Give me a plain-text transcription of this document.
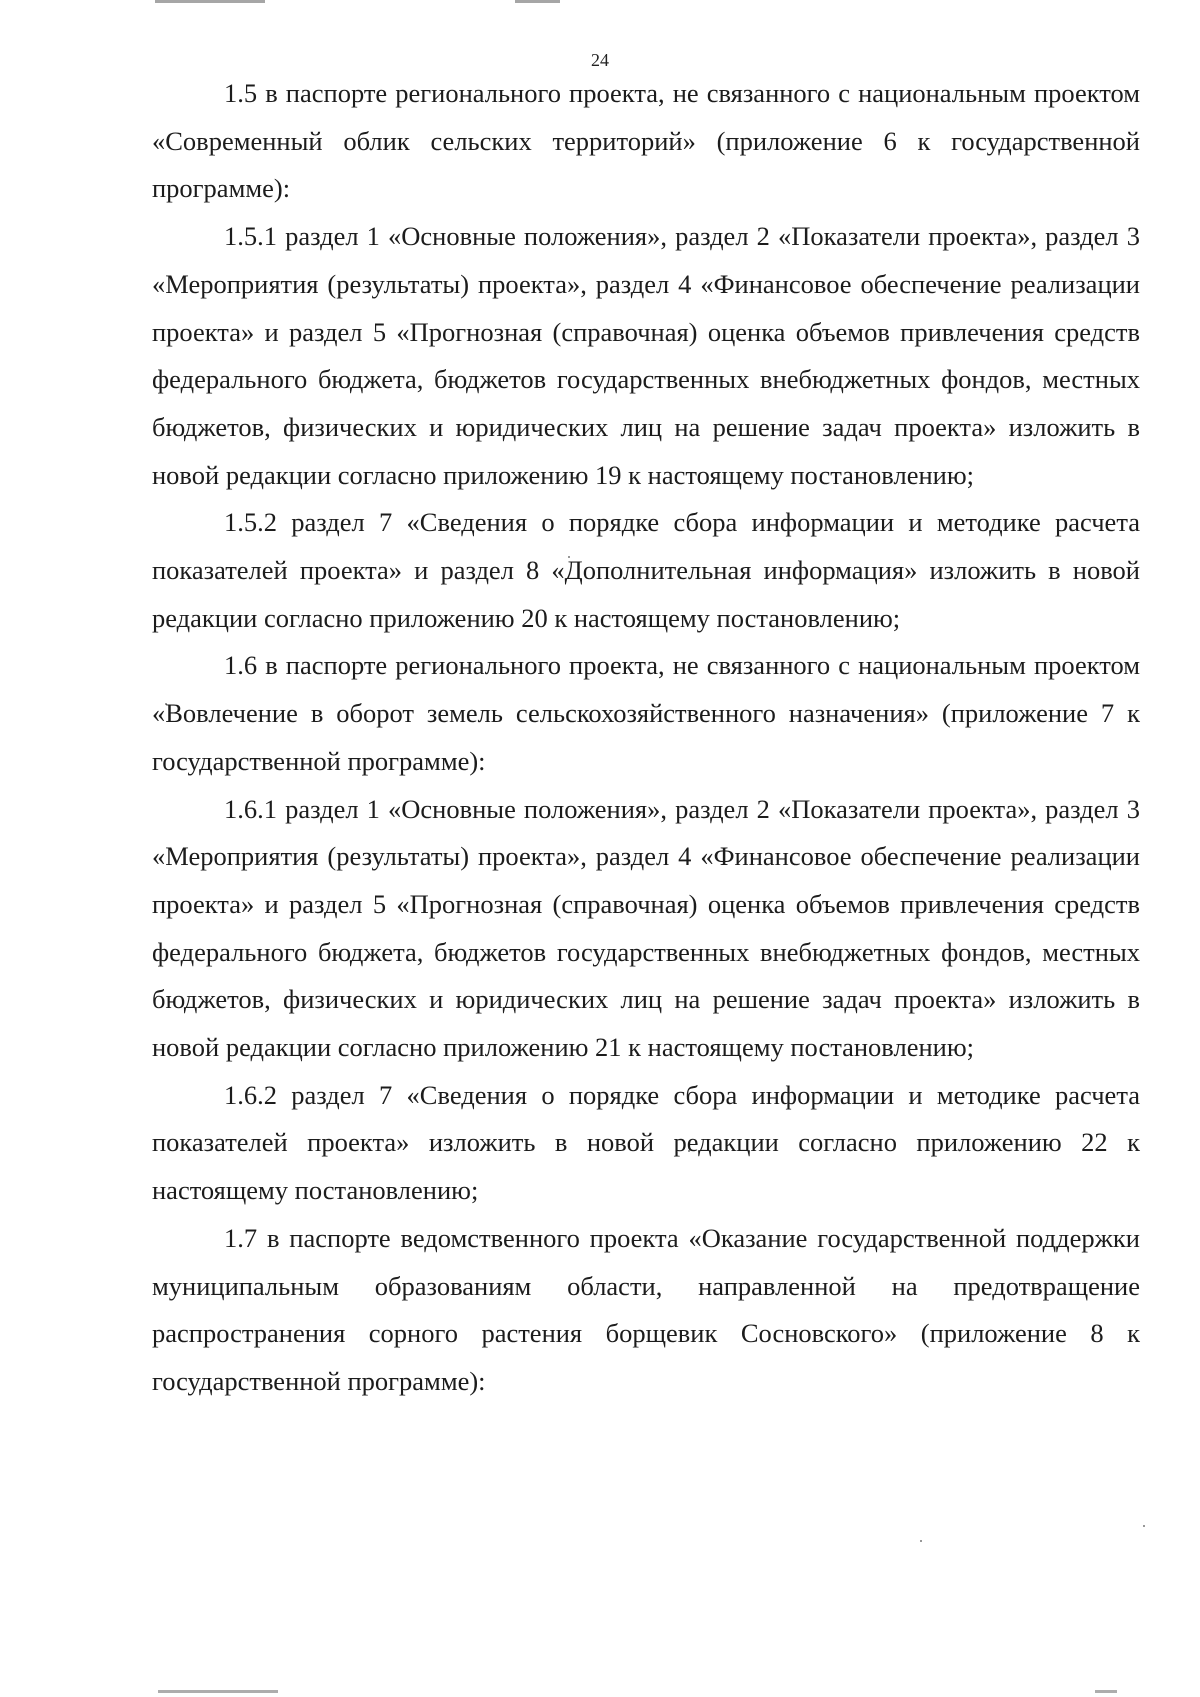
24

1.5 в паспорте регионального проекта, не связанного с национальным проектом «Современный облик сельских территорий» (приложение 6 к государственной программе):

1.5.1 раздел 1 «Основные положения», раздел 2 «Показатели проекта», раздел 3 «Мероприятия (результаты) проекта», раздел 4 «Финансовое обеспечение реализации проекта» и раздел 5 «Прогнозная (справочная) оценка объемов привлечения средств федерального бюджета, бюджетов государственных внебюджетных фондов, местных бюджетов, физических и юридических лиц на решение задач проекта» изложить в новой редакции согласно приложению 19 к настоящему постановлению;

1.5.2 раздел 7 «Сведения о порядке сбора информации и методике расчета показателей проекта» и раздел 8 «Дополнительная информация» изложить в новой редакции согласно приложению 20 к настоящему постановлению;

1.6 в паспорте регионального проекта, не связанного с национальным проектом «Вовлечение в оборот земель сельскохозяйственного назначения» (приложение 7 к государственной программе):

1.6.1 раздел 1 «Основные положения», раздел 2 «Показатели проекта», раздел 3 «Мероприятия (результаты) проекта», раздел 4 «Финансовое обеспечение реализации проекта» и раздел 5 «Прогнозная (справочная) оценка объемов привлечения средств федерального бюджета, бюджетов государственных внебюджетных фондов, местных бюджетов, физических и юридических лиц на решение задач проекта» изложить в новой редакции согласно приложению 21 к настоящему постановлению;

1.6.2 раздел 7 «Сведения о порядке сбора информации и методике расчета показателей проекта» изложить в новой редакции согласно приложению 22 к настоящему постановлению;

1.7 в паспорте ведомственного проекта «Оказание государственной поддержки муниципальным образованиям области, направленной на предотвращение распространения сорного растения борщевик Сосновского» (приложение 8 к государственной программе):
